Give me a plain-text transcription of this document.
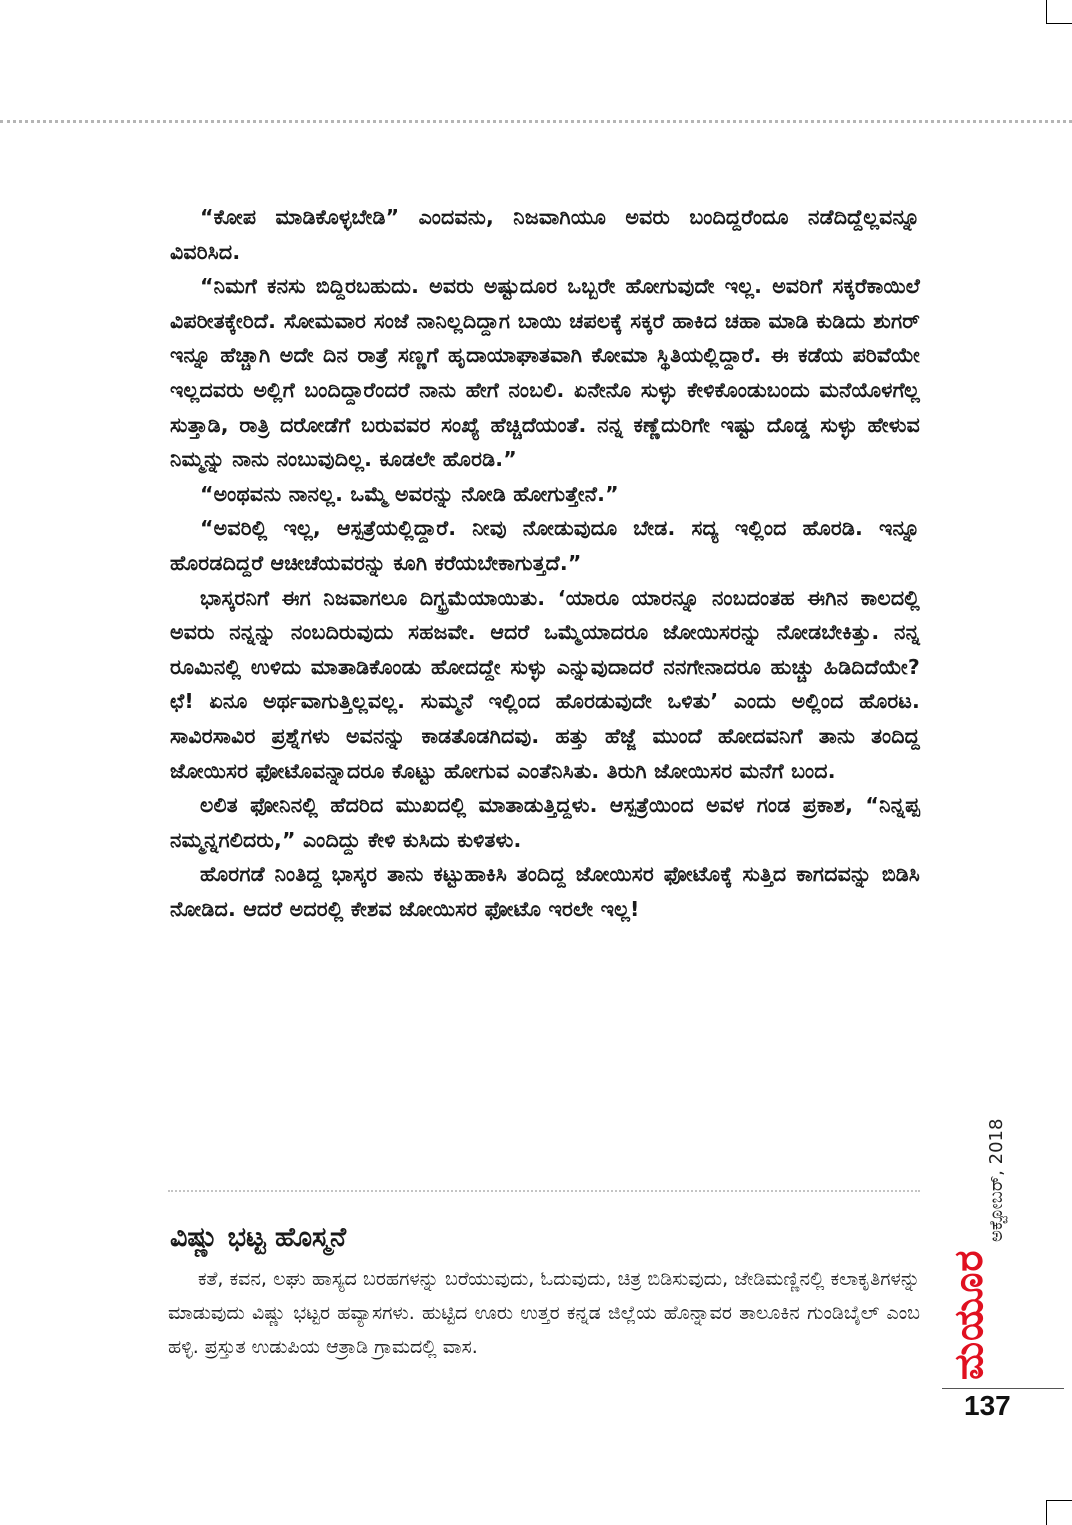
“ಕೋಪ ಮಾಡಿಕೊಳ್ಳಬೇಡಿ” ಎಂದವನು, ನಿಜವಾಗಿಯೂ ಅವರು ಬಂದಿದ್ದರೆಂದೂ ನಡೆದಿದ್ದೆಲ್ಲವನ್ನೂ ವಿವರಿಸಿದ.

“ನಿಮಗೆ ಕನಸು ಬಿದ್ದಿರಬಹುದು. ಅವರು ಅಷ್ಟುದೂರ ಒಬ್ಬರೇ ಹೋಗುವುದೇ ಇಲ್ಲ. ಅವರಿಗೆ ಸಕ್ಕರೆಕಾಯಿಲೆ ವಿಪರೀತಕ್ಕೇರಿದೆ. ಸೋಮವಾರ ಸಂಜೆ ನಾನಿಲ್ಲದಿದ್ದಾಗ ಬಾಯಿ ಚಪಲಕ್ಕೆ ಸಕ್ಕರೆ ಹಾಕಿದ ಚಹಾ ಮಾಡಿ ಕುಡಿದು ಶುಗರ್ ಇನ್ನೂ ಹೆಚ್ಚಾಗಿ ಅದೇ ದಿನ ರಾತ್ರೆ ಸಣ್ಣಗೆ ಹೃದಾಯಾಘಾತವಾಗಿ ಕೋಮಾ ಸ್ಥಿತಿಯಲ್ಲಿದ್ದಾರೆ. ಈ ಕಡೆಯ ಪರಿವೆಯೇ ಇಲ್ಲದವರು ಅಲ್ಲಿಗೆ ಬಂದಿದ್ದಾರೆಂದರೆ ನಾನು ಹೇಗೆ ನಂಬಲಿ. ಏನೇನೊ ಸುಳ್ಳು ಕೇಳಿಕೊಂಡುಬಂದು ಮನೆಯೊಳಗೆಲ್ಲ ಸುತ್ತಾಡಿ, ರಾತ್ರಿ ದರೋಡೆಗೆ ಬರುವವರ ಸಂಖ್ಯೆ ಹೆಚ್ಚಿದೆಯಂತೆ. ನನ್ನ ಕಣ್ಣೆದುರಿಗೇ ಇಷ್ಟು ದೊಡ್ಡ ಸುಳ್ಳು ಹೇಳುವ ನಿಮ್ಮನ್ನು ನಾನು ನಂಬುವುದಿಲ್ಲ. ಕೂಡಲೇ ಹೊರಡಿ.”

“ಅಂಥವನು ನಾನಲ್ಲ. ಒಮ್ಮೆ ಅವರನ್ನು ನೋಡಿ ಹೋಗುತ್ತೇನೆ.”

“ಅವರಿಲ್ಲಿ ಇಲ್ಲ, ಆಸ್ಪತ್ರೆಯಲ್ಲಿದ್ದಾರೆ. ನೀವು ನೋಡುವುದೂ ಬೇಡ. ಸದ್ಯ ಇಲ್ಲಿಂದ ಹೊರಡಿ. ಇನ್ನೂ ಹೊರಡದಿದ್ದರೆ ಆಚೀಚೆಯವರನ್ನು ಕೂಗಿ ಕರೆಯಬೇಕಾಗುತ್ತದೆ.”

ಭಾಸ್ಕರನಿಗೆ ಈಗ ನಿಜವಾಗಲೂ ದಿಗ್ಭ್ರಮೆಯಾಯಿತು. ‘ಯಾರೂ ಯಾರನ್ನೂ ನಂಬದಂತಹ ಈಗಿನ ಕಾಲದಲ್ಲಿ ಅವರು ನನ್ನನ್ನು ನಂಬದಿರುವುದು ಸಹಜವೇ. ಆದರೆ ಒಮ್ಮೆಯಾದರೂ ಜೋಯಿಸರನ್ನು ನೋಡಬೇಕಿತ್ತು. ನನ್ನ ರೂಮಿನಲ್ಲಿ ಉಳಿದು ಮಾತಾಡಿಕೊಂಡು ಹೋದದ್ದೇ ಸುಳ್ಳು ಎನ್ನುವುದಾದರೆ ನನಗೇನಾದರೂ ಹುಚ್ಚು ಹಿಡಿದಿದೆಯೇ? ಛೆ! ಏನೂ ಅರ್ಥವಾಗುತ್ತಿಲ್ಲವಲ್ಲ. ಸುಮ್ಮನೆ ಇಲ್ಲಿಂದ ಹೊರಡುವುದೇ ಒಳಿತು’ ಎಂದು ಅಲ್ಲಿಂದ ಹೊರಟ. ಸಾವಿರಸಾವಿರ ಪ್ರಶ್ನೆಗಳು ಅವನನ್ನು ಕಾಡತೊಡಗಿದವು. ಹತ್ತು ಹೆಜ್ಜೆ ಮುಂದೆ ಹೋದವನಿಗೆ ತಾನು ತಂದಿದ್ದ ಜೋಯಿಸರ ಫೋಟೊವನ್ನಾದರೂ ಕೊಟ್ಟು ಹೋಗುವ ಎಂತೆನಿಸಿತು. ತಿರುಗಿ ಜೋಯಿಸರ ಮನೆಗೆ ಬಂದ.

ಲಲಿತ ಫೋನಿನಲ್ಲಿ ಹೆದರಿದ ಮುಖದಲ್ಲಿ ಮಾತಾಡುತ್ತಿದ್ದಳು. ಆಸ್ಪತ್ರೆಯಿಂದ ಅವಳ ಗಂಡ ಪ್ರಕಾಶ, “ನಿನ್ನಪ್ಪ ನಮ್ಮನ್ನಗಲಿದರು,” ಎಂದಿದ್ದು ಕೇಳಿ ಕುಸಿದು ಕುಳಿತಳು.

ಹೊರಗಡೆ ನಿಂತಿದ್ದ ಭಾಸ್ಕರ ತಾನು ಕಟ್ಟುಹಾಕಿಸಿ ತಂದಿದ್ದ ಜೋಯಿಸರ ಫೋಟೊಕ್ಕೆ ಸುತ್ತಿದ ಕಾಗದವನ್ನು ಬಿಡಿಸಿ ನೋಡಿದ. ಆದರೆ ಅದರಲ್ಲಿ ಕೇಶವ ಜೋಯಿಸರ ಫೋಟೊ ಇರಲೇ ಇಲ್ಲ!

ವಿಷ್ಣು ಭಟ್ಟ ಹೊಸ್ಮನೆ

ಕತೆ, ಕವನ, ಲಘು ಹಾಸ್ಯದ ಬರಹಗಳನ್ನು ಬರೆಯುವುದು, ಓದುವುದು, ಚಿತ್ರ ಬಿಡಿಸುವುದು, ಜೇಡಿಮಣ್ಣಿನಲ್ಲಿ ಕಲಾಕೃತಿಗಳನ್ನು ಮಾಡುವುದು ವಿಷ್ಣು ಭಟ್ಟರ ಹವ್ಯಾಸಗಳು. ಹುಟ್ಟಿದ ಊರು ಉತ್ತರ ಕನ್ನಡ ಜಿಲ್ಲೆಯ ಹೊನ್ನಾವರ ತಾಲೂಕಿನ ಗುಂಡಿಬೈಲ್ ಎಂಬ ಹಳ್ಳಿ. ಪ್ರಸ್ತುತ ಉಡುಪಿಯ ಆತ್ರಾಡಿ ಗ್ರಾಮದಲ್ಲಿ ವಾಸ.

ಅಕ್ಟೋಬರ್, 2018
ಮಯೂರ
137
